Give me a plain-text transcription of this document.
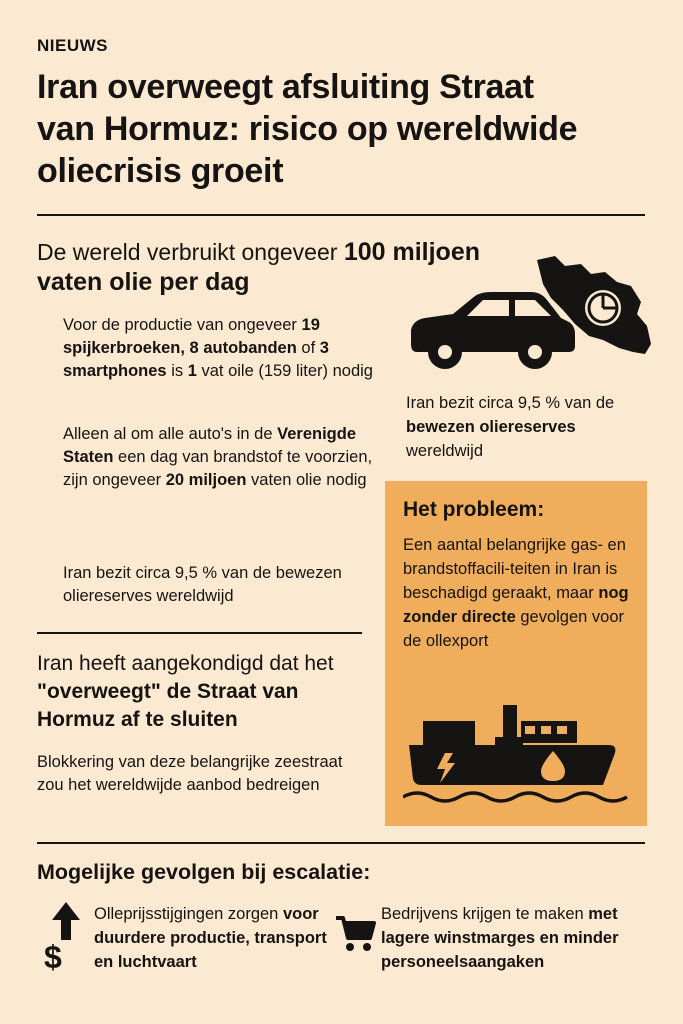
NIEUWS
Iran overweegt afsluiting Straat
van Hormuz: risico op wereldwide
oliecrisis groeit
De wereld verbruikt ongeveer 100 miljoen vaten olie per dag
Voor de productie van ongeveer 19 spijkerbroeken, 8 autobanden of 3 smartphones is 1 vat oile (159 liter) nodig
Alleen al om alle auto's in de Verenigde Staten een dag van brandstof te voorzien, zijn ongeveer 20 miljoen vaten olie nodig
Iran bezit circa 9,5 % van de bewezen oliereserves wereldwijd
Iran bezit circa 9,5 % van de bewezen oliereserves wereldwijd
Het probleem:
Een aantal belangrijke gas- en brandstoffacili-teiten in Iran is beschadigd geraakt, maar nog zonder directe gevolgen voor de ollexport
Iran heeft aangekondigd dat het "overweegt" de Straat van Hormuz af te sluiten
Blokkering van deze belangrijke zeestraat zou het wereldwijde aanbod bedreigen
Mogelijke gevolgen bij escalatie:
$
Olleprijsstijgingen zorgen voor duurdere productie, transport en luchtvaart
Bedrijvens krijgen te maken met lagere winstmarges en minder personeelsaangaken
